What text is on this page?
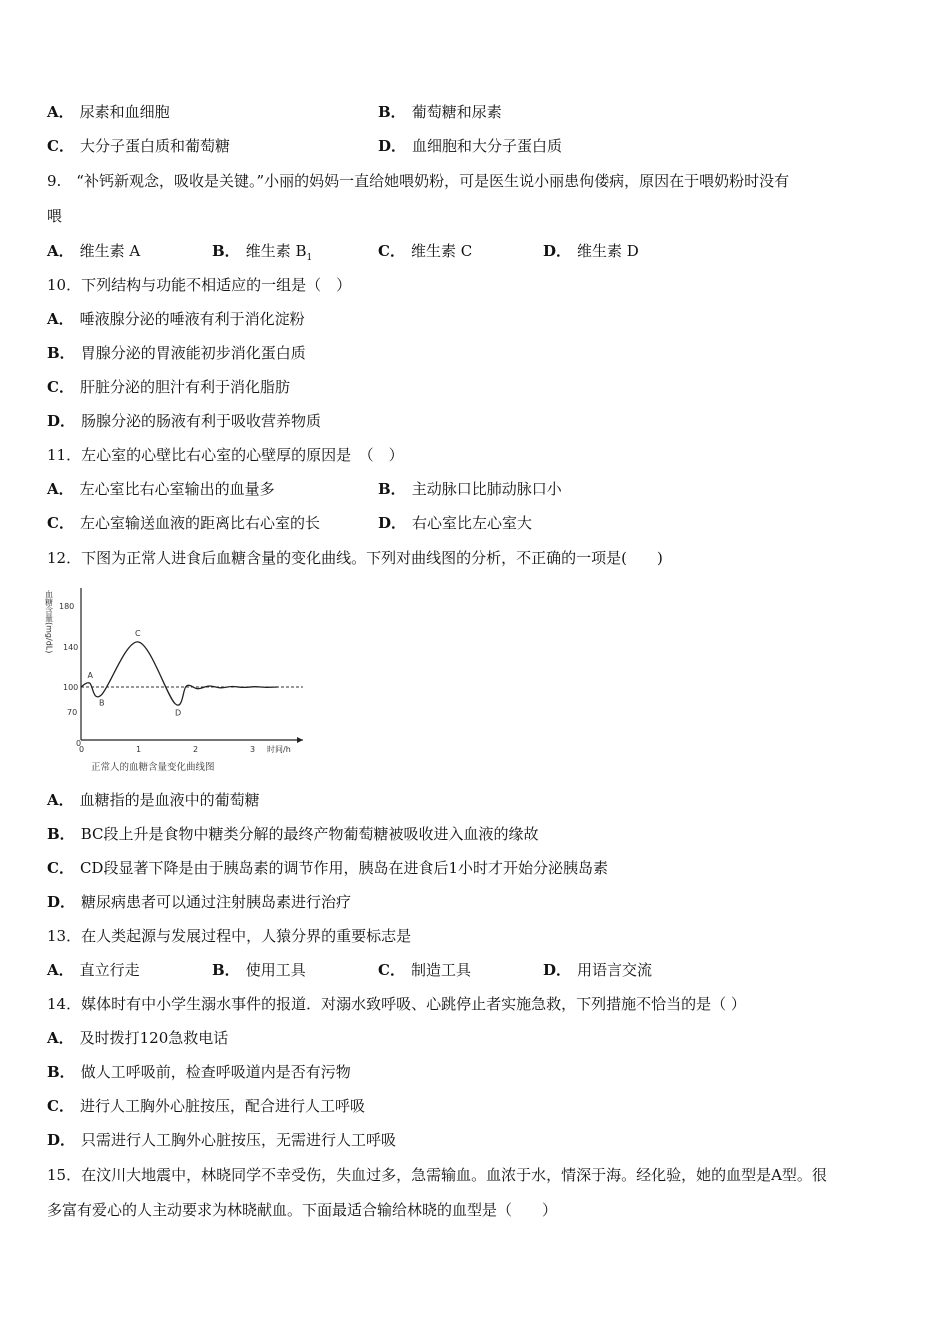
A． 尿素和血细胞	B． 葡萄糖和尿素
C． 大分子蛋白质和葡萄糖	D． 血细胞和大分子蛋白质
9.　“补钙新观念，吸收是关键。”小丽的妈妈一直给她喂奶粉，可是医生说小丽患佝偻病，原因在于喂奶粉时没有
喂
A． 维生素 A	B． 维生素 $B_1$	C． 维生素 C	D． 维生素 D
10．下列结构与功能不相适应的一组是（　）
A． 唾液腺分泌的唾液有利于消化淀粉
B． 胃腺分泌的胃液能初步消化蛋白质
C． 肝脏分泌的胆汁有利于消化脂肪
D． 肠腺分泌的肠液有利于吸收营养物质
11．左心室的心壁比右心室的心壁厚的原因是　（　）
A． 左心室比右心室输出的血量多	B． 主动脉口比肺动脉口小
C． 左心室输送血液的距离比右心室的长	D． 右心室比左心室大
12．下图为正常人进食后血糖含量的变化曲线。下列对曲线图的分析，不正确的一项是(　　)
血糖含量(mg/dL) 180
140
100
70
0
0	1	2	3 时间/h
A
B
C
D
正常人的血糖含量变化曲线图
A． 血糖指的是血液中的葡萄糖
B． BC段上升是食物中糖类分解的最终产物葡萄糖被吸收进入血液的缘故
C． CD段显著下降是由于胰岛素的调节作用，胰岛在进食后1小时才开始分泌胰岛素
D． 糖尿病患者可以通过注射胰岛素进行治疗
13．在人类起源与发展过程中，人猿分界的重要标志是
A． 直立行走	B． 使用工具	C． 制造工具	D． 用语言交流
14．媒体时有中小学生溺水事件的报道．对溺水致呼吸、心跳停止者实施急救，下列措施不恰当的是（ ）
A． 及时拨打120急救电话
B． 做人工呼吸前，检查呼吸道内是否有污物
C． 进行人工胸外心脏按压，配合进行人工呼吸
D． 只需进行人工胸外心脏按压，无需进行人工呼吸
15．在汶川大地震中，林晓同学不幸受伤，失血过多，急需输血。血浓于水，情深于海。经化验，她的血型是A型。很
多富有爱心的人主动要求为林晓献血。下面最适合输给林晓的血型是（　　）
